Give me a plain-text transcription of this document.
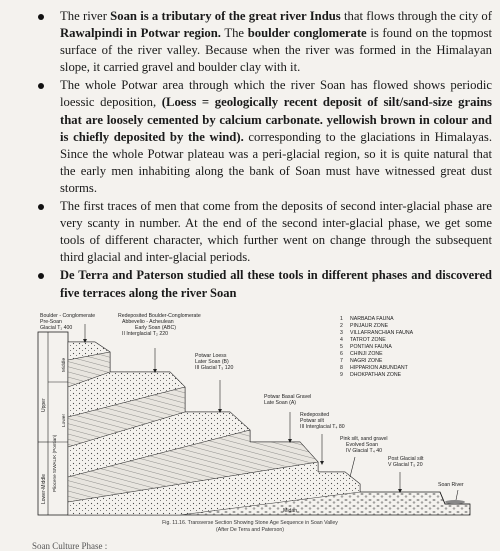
The river Soan is a tributary of the great river Indus that flows through the city of Rawalpindi in Potwar region. The boulder conglomerate is found on the topmost surface of the river valley. Because when the river was formed in the Himalayan slope, it carried gravel and boulder clay with it.
The whole Potwar area through which the river Soan has flowed shows periodic loessic deposition, (Loess = geologically recent deposit of silt/sand-size grains that are loosely cemented by calcium carbonate. yellowish brown in colour and is chiefly deposited by the wind). corresponding to the glaciations in Himalayas. Since the whole Potwar plateau was a peri-glacial region, so it is quite natural that the early men inhabiting along the bank of Soan must have witnessed great dust storms.
The first traces of men that come from the deposits of second inter-glacial phase are very scanty in number. At the end of the second inter-glacial phase, we get some tools of different character, which further went on change through the subsequent third glacial and inter-glacial periods.
De Terra and Paterson studied all these tools in different phases and discovered five terraces along the river Soan
Upper
Pliocene SIWALIK (Pontian)
Lower-Middle
Middle
Lower
Boulder - Conglomerate
Pre-Soan
Glacial T₁ 400
Redeposited Boulder-Conglomerate
Abbevelio - Acheulean
Early Soan (ABC)
II Interglacial T₂ 220
Potwar Loess
Later Soan (B)
III Glacial T₃ 120
Potwar Basal Gravel
Late Soan (A)
Redeposited
Potwar silt
III Interglacial T₄ 80
Pink silt, sand gravel
Evolved Soan
IV Glacial T₄ 40
Post Glacial silt
V Glacial T₅ 20
Soan River
Midan
1 NARBADA FAUNA
2 PINJAUR ZONE
3 VILLAFRANCHIAN FAUNA
4 TATROT ZONE
5 PONTIAN FAUNA
6 CHINJI ZONE
7 NAGRI ZONE
8 HIPPARION ABUNDANT
9 DHOKPATHAN ZONE
Fig. 11.16. Transverse Section Showing Stone Age Sequence in Soan Valley
(After De Terra and Paterson)
Soan Culture Phase :
